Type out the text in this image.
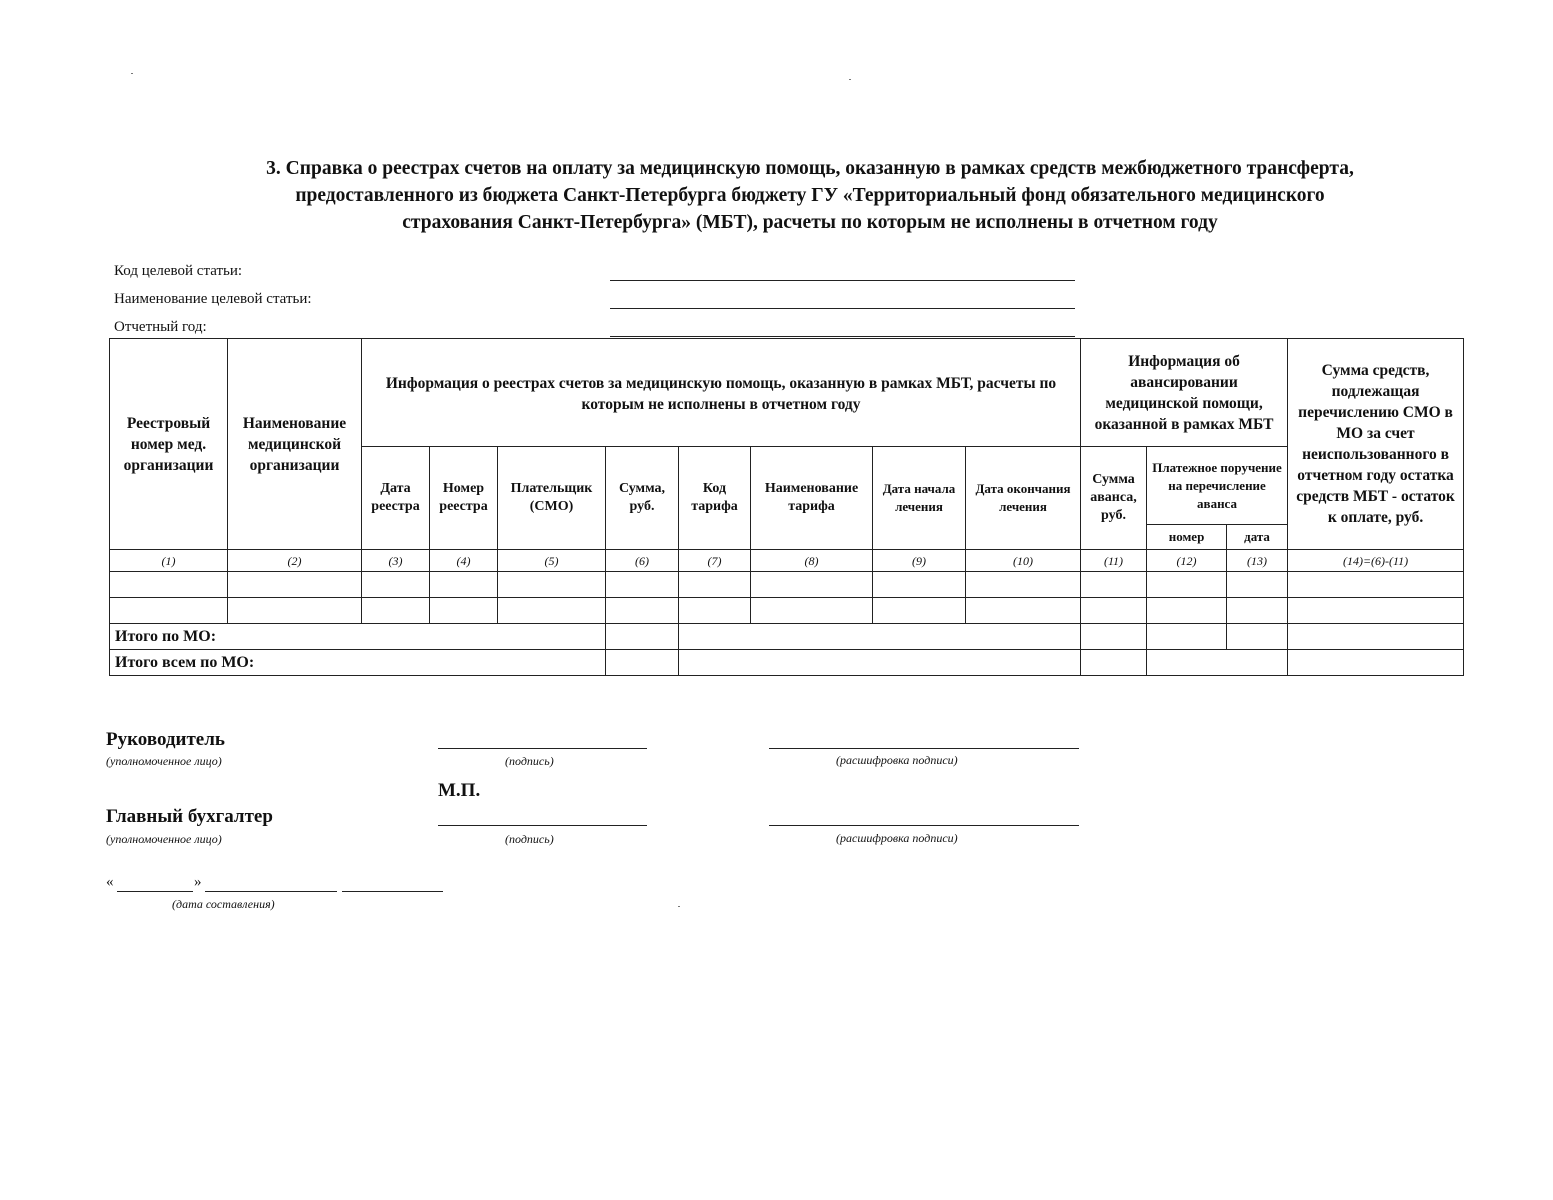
3. Справка о реестрах счетов на оплату за медицинскую помощь, оказанную в рамках средств межбюджетного трансферта,
предоставленного из бюджета Санкт-Петербурга бюджету ГУ «Территориальный фонд обязательного медицинского
страхования Санкт-Петербурга» (МБТ), расчеты по которым не исполнены в отчетном году
Код целевой статьи:
Наименование целевой статьи:
Отчетный год:
Реестровый номер мед. организации	Наименование медицинской организации	Информация о реестрах счетов за медицинскую помощь, оказанную в рамках МБТ, расчеты по которым не исполнены в отчетном году								Информация об авансировании медицинской помощи, оказанной в рамках МБТ			Сумма средств, подлежащая перечислению СМО в МО за счет неиспользованного в отчетном году остатка средств МБТ - остаток к оплате, руб.
		Дата реестра	Номер реестра	Плательщик (СМО)	Сумма, руб.	Код тарифа	Наименование тарифа	Дата начала лечения	Дата окончания лечения	Сумма аванса, руб.	Платежное поручение на перечисление аванса		
											номер	дата	
(1)	(2)	(3)	(4)	(5)	(6)	(7)	(8)	(9)	(10)	(11)	(12)	(13)	(14)=(6)-(11)

Итого по МО:													
Итого всем по МО:													
Руководитель
(уполномоченное лицо)	(подпись)	(расшифровка подписи)
М.П.
Главный бухгалтер
(уполномоченное лицо)	(подпись)	(расшифровка подписи)
«	»
(дата составления)
